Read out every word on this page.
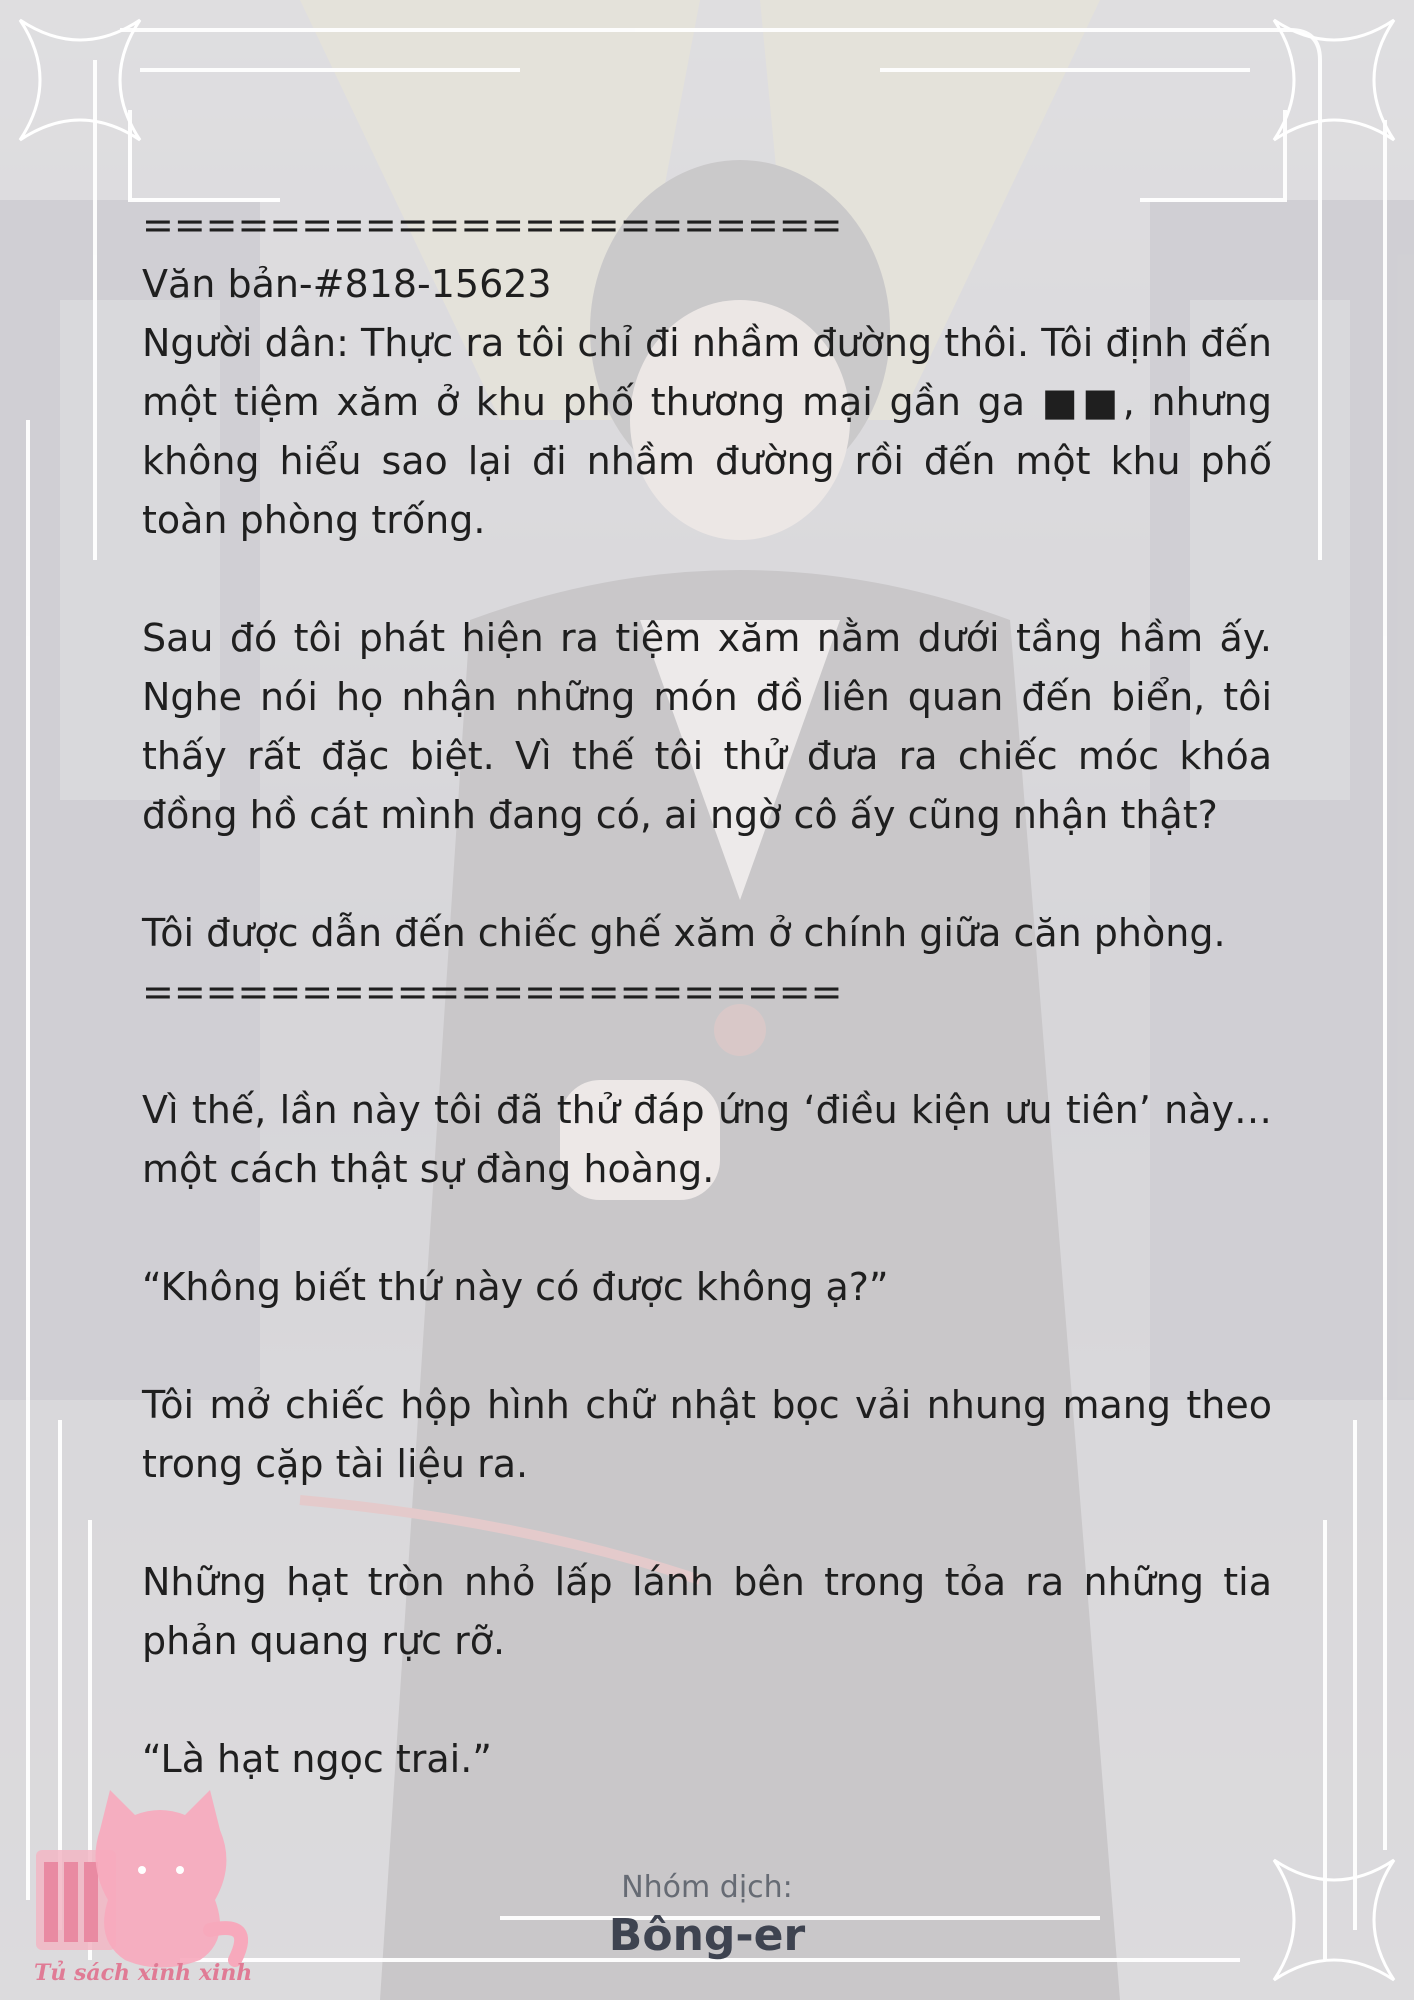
======================

Văn bản-#818-15623

Người dân: Thực ra tôi chỉ đi nhầm đường thôi. Tôi định đến một tiệm xăm ở khu phố thương mại gần ga ■■, nhưng không hiểu sao lại đi nhầm đường rồi đến một khu phố toàn phòng trống.

Sau đó tôi phát hiện ra tiệm xăm nằm dưới tầng hầm ấy. Nghe nói họ nhận những món đồ liên quan đến biển, tôi thấy rất đặc biệt. Vì thế tôi thử đưa ra chiếc móc khóa đồng hồ cát mình đang có, ai ngờ cô ấy cũng nhận thật?

Tôi được dẫn đến chiếc ghế xăm ở chính giữa căn phòng.

======================

Vì thế, lần này tôi đã thử đáp ứng ‘điều kiện ưu tiên’ này… một cách thật sự đàng hoàng.

“Không biết thứ này có được không ạ?”

Tôi mở chiếc hộp hình chữ nhật bọc vải nhung mang theo trong cặp tài liệu ra.

Những hạt tròn nhỏ lấp lánh bên trong tỏa ra những tia phản quang rực rỡ.

“Là hạt ngọc trai.”

Tủ sách xinh xinh
Nhóm dịch:
Bông-er
